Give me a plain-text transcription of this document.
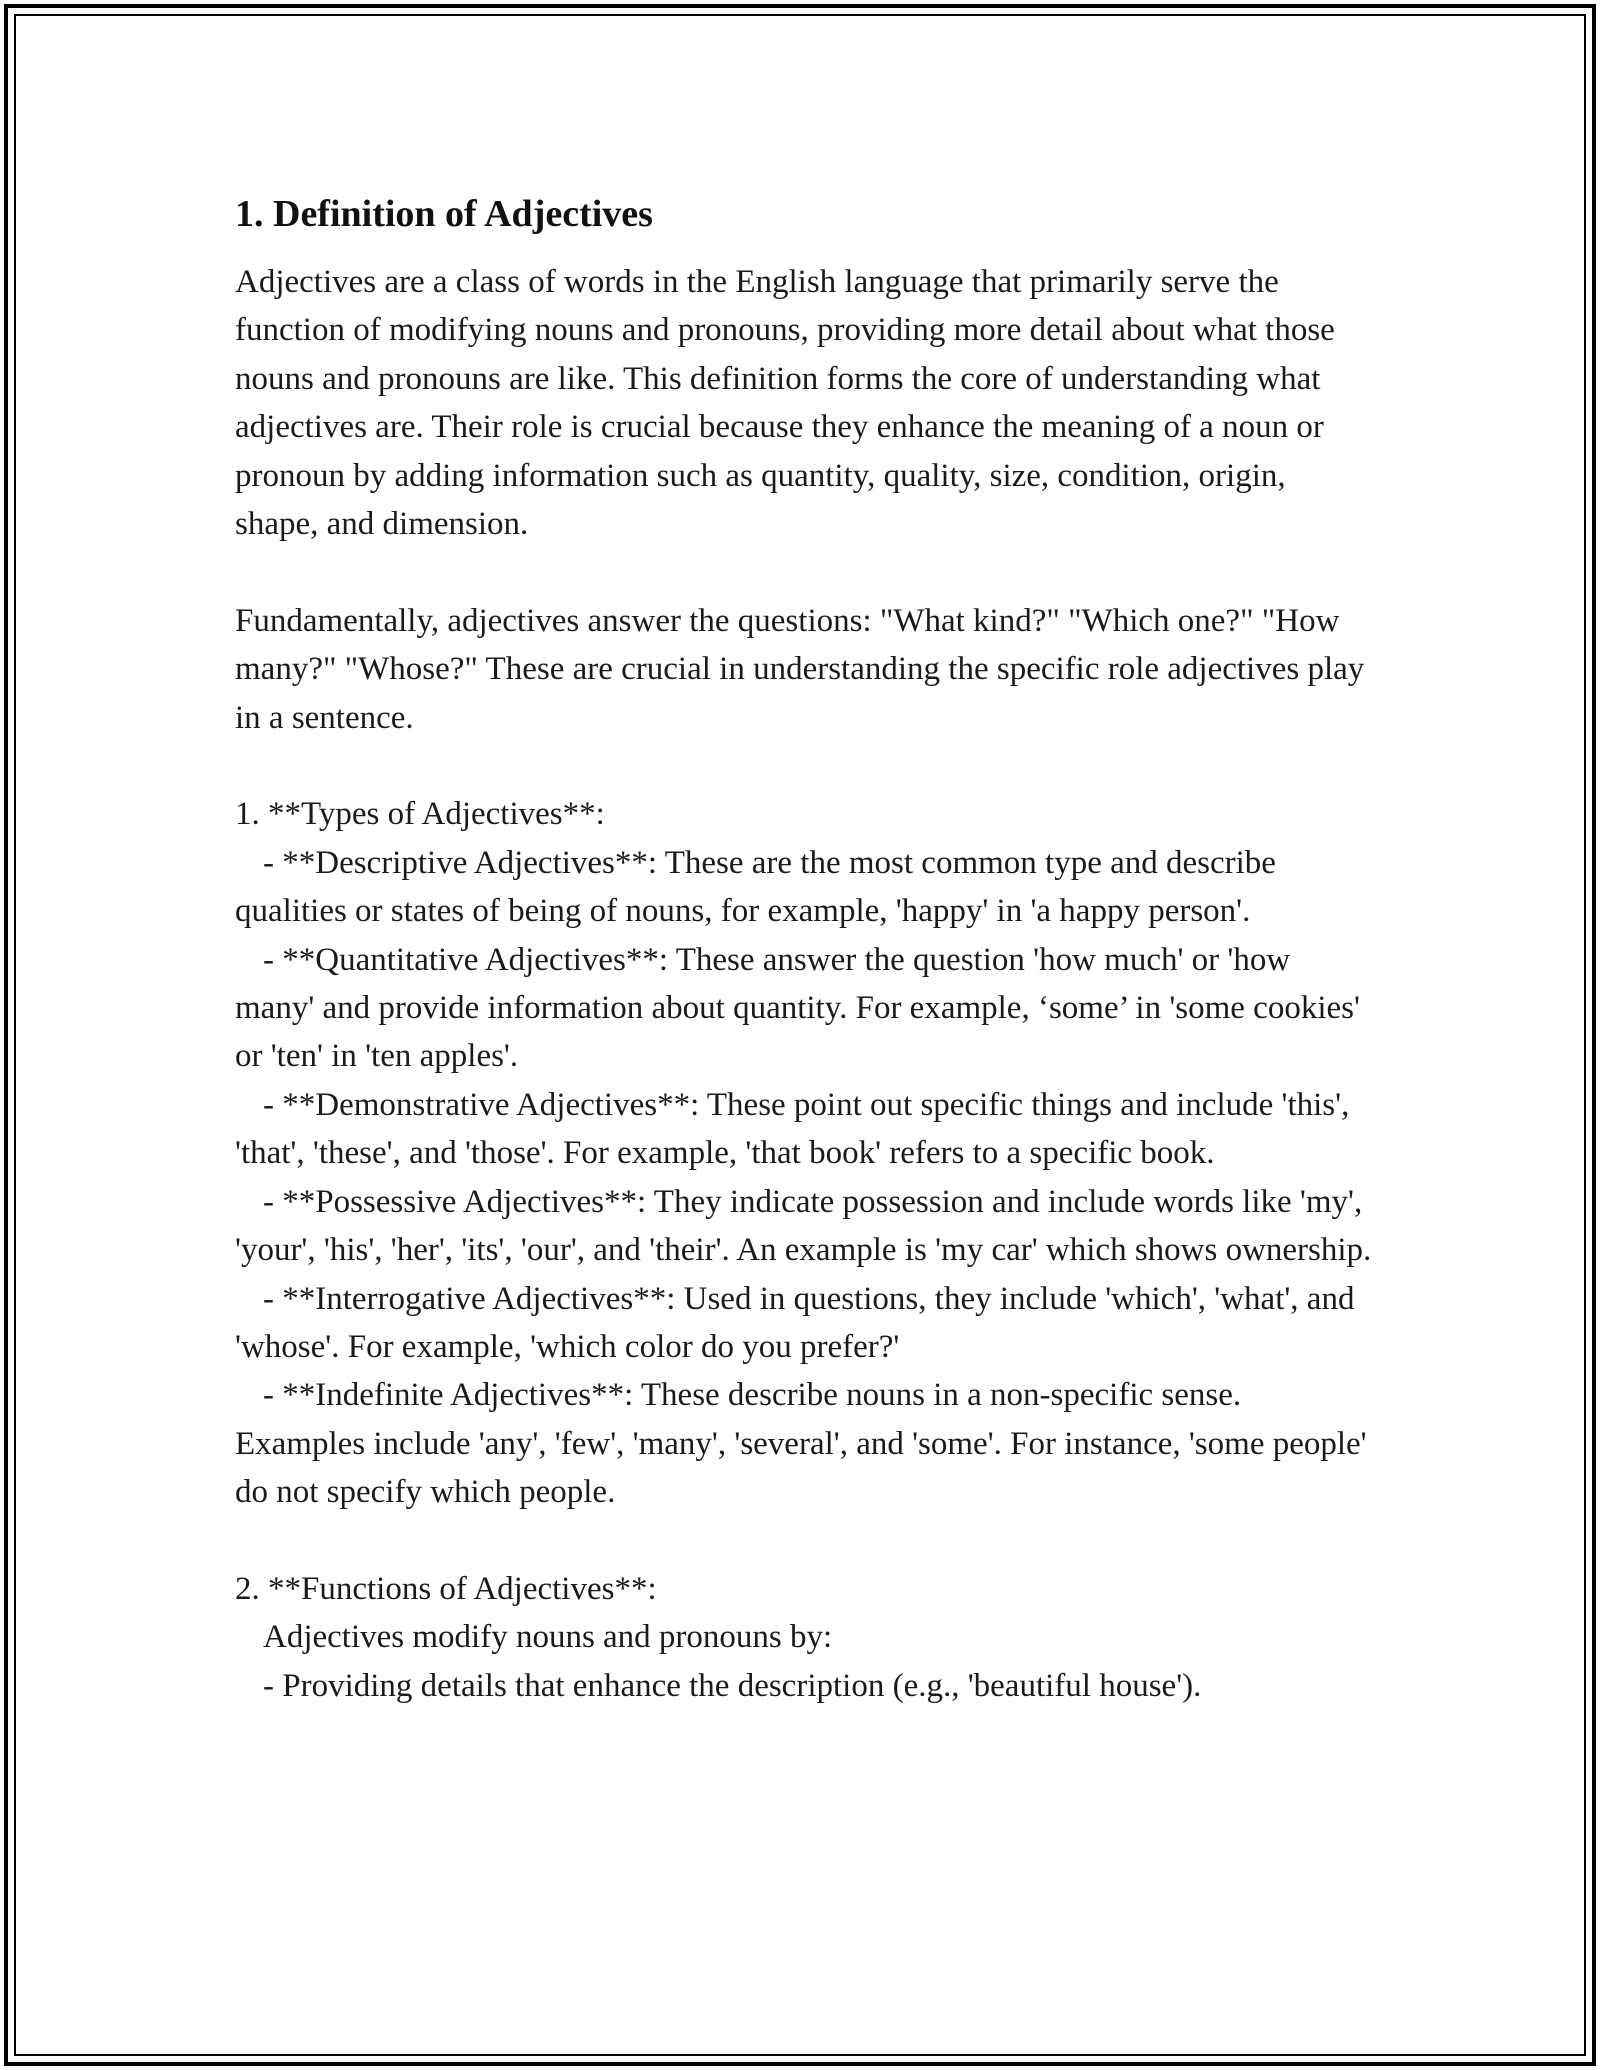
1. Definition of Adjectives

Adjectives are a class of words in the English language that primarily serve the function of modifying nouns and pronouns, providing more detail about what those nouns and pronouns are like. This definition forms the core of understanding what adjectives are. Their role is crucial because they enhance the meaning of a noun or pronoun by adding information such as quantity, quality, size, condition, origin, shape, and dimension.

Fundamentally, adjectives answer the questions: "What kind?" "Which one?" "How many?" "Whose?" These are crucial in understanding the specific role adjectives play in a sentence.

1. **Types of Adjectives**:

- **Descriptive Adjectives**: These are the most common type and describe qualities or states of being of nouns, for example, 'happy' in 'a happy person'.

- **Quantitative Adjectives**: These answer the question 'how much' or 'how many' and provide information about quantity. For example, ‘some’ in 'some cookies' or 'ten' in 'ten apples'.

- **Demonstrative Adjectives**: These point out specific things and include 'this', 'that', 'these', and 'those'. For example, 'that book' refers to a specific book.

- **Possessive Adjectives**: They indicate possession and include words like 'my', 'your', 'his', 'her', 'its', 'our', and 'their'. An example is 'my car' which shows ownership.

- **Interrogative Adjectives**: Used in questions, they include 'which', 'what', and 'whose'. For example, 'which color do you prefer?'

- **Indefinite Adjectives**: These describe nouns in a non-specific sense. Examples include 'any', 'few', 'many', 'several', and 'some'. For instance, 'some people' do not specify which people.

2. **Functions of Adjectives**:

Adjectives modify nouns and pronouns by:

- Providing details that enhance the description (e.g., 'beautiful house').
